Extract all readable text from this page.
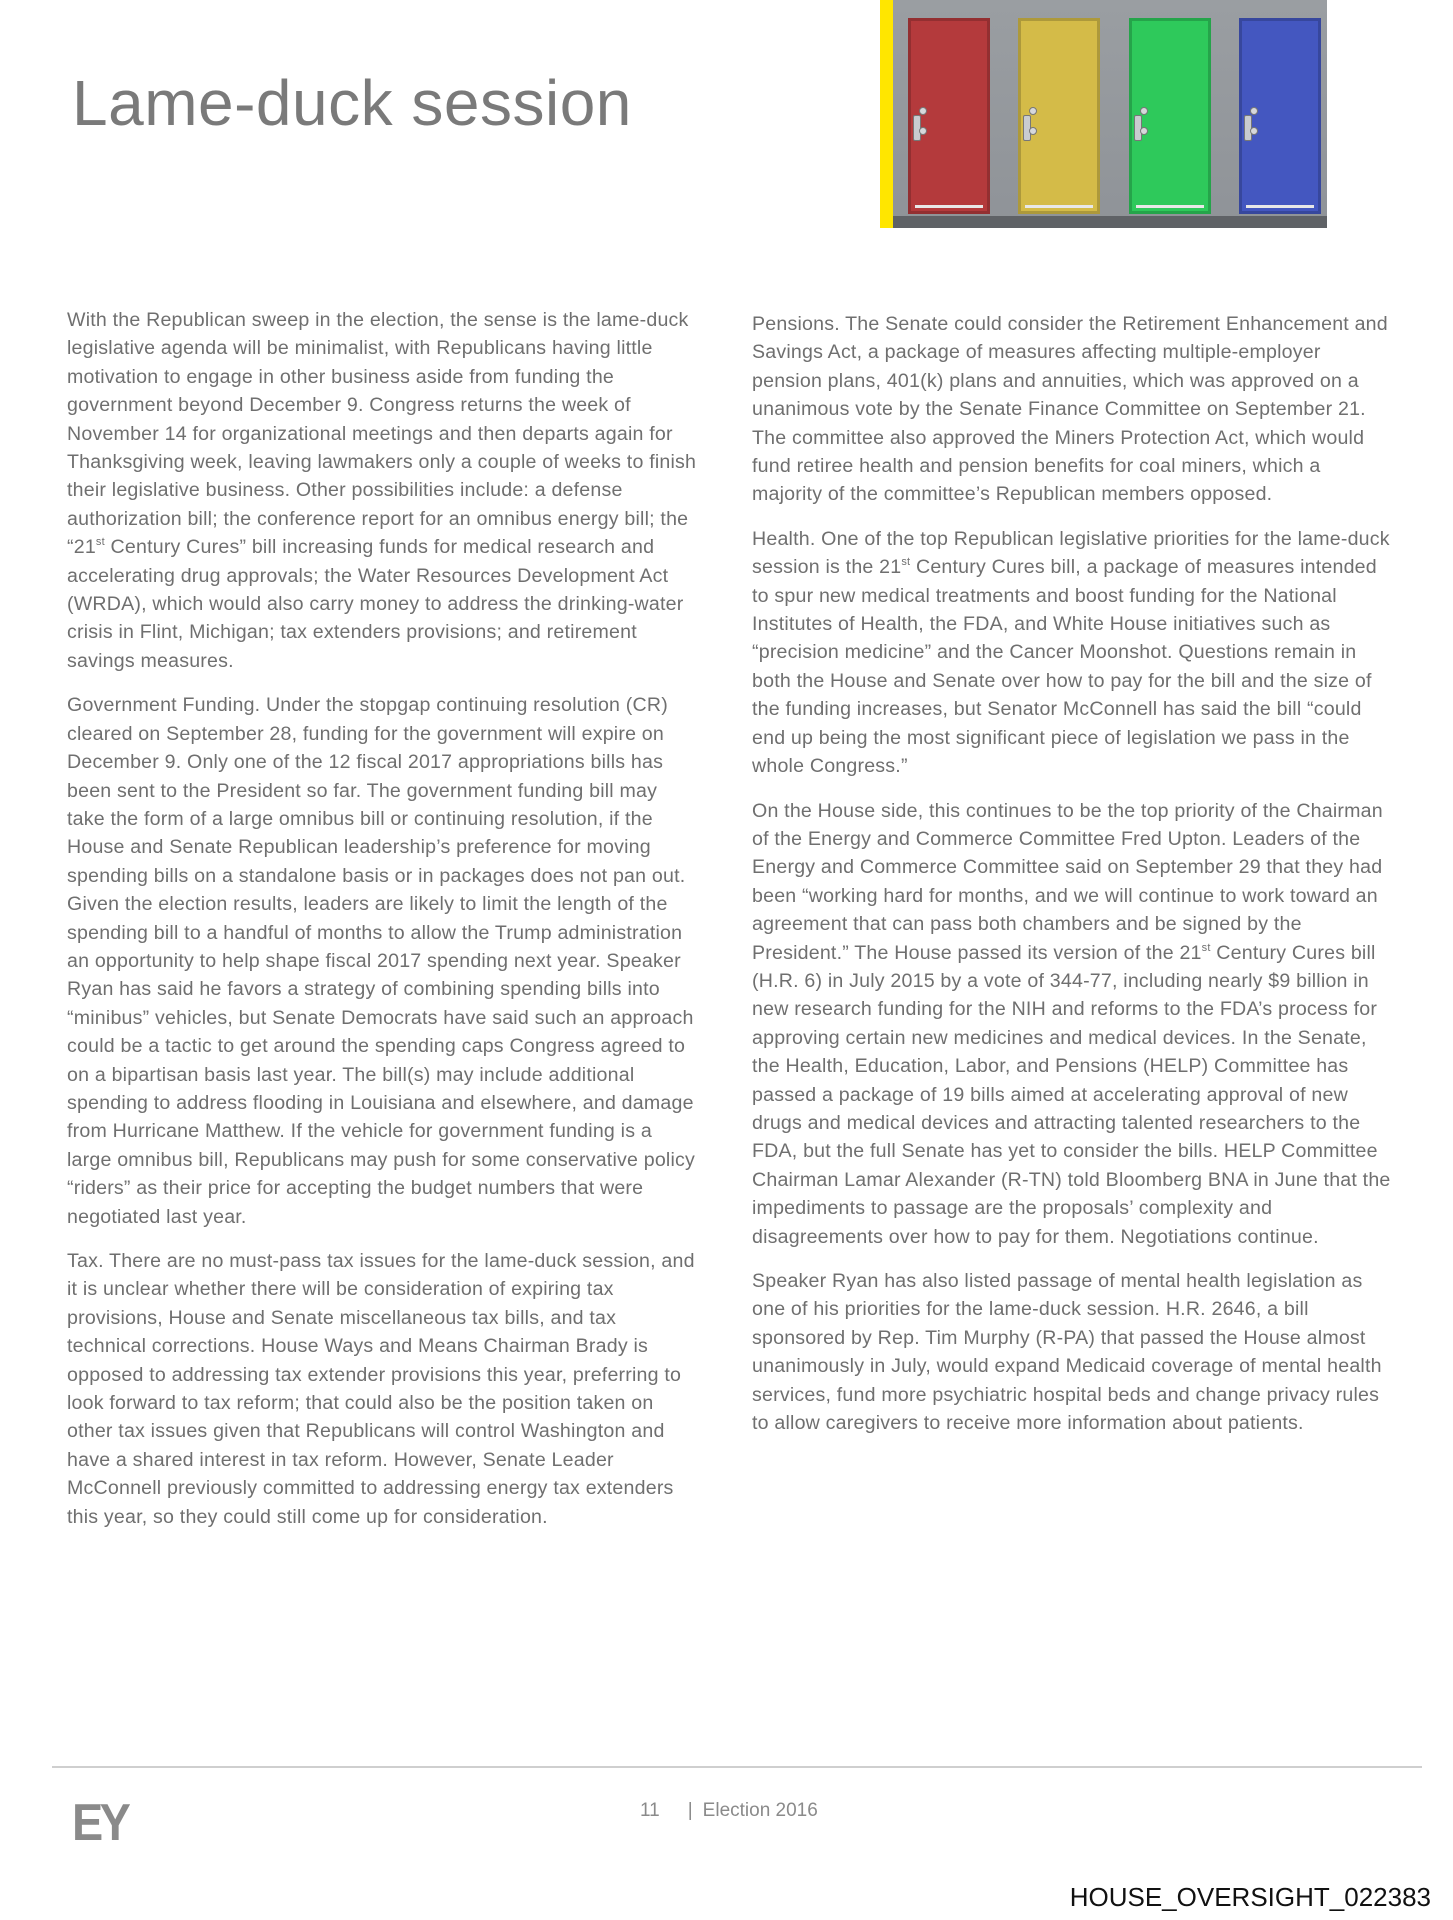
Lame-duck session

With the Republican sweep in the election, the sense is the lame-duck legislative agenda will be minimalist, with Republicans having little motivation to engage in other business aside from funding the government beyond December 9. Congress returns the week of November 14 for organizational meetings and then departs again for Thanksgiving week, leaving lawmakers only a couple of weeks to finish their legislative business. Other possibilities include: a defense authorization bill; the conference report for an omnibus energy bill; the “21st Century Cures” bill increasing funds for medical research and accelerating drug approvals; the Water Resources Development Act (WRDA), which would also carry money to address the drinking-water crisis in Flint, Michigan; tax extenders provisions; and retirement savings measures.

Government Funding. Under the stopgap continuing resolution (CR) cleared on September 28, funding for the government will expire on December 9. Only one of the 12 fiscal 2017 appropriations bills has been sent to the President so far. The government funding bill may take the form of a large omnibus bill or continuing resolution, if the House and Senate Republican leadership’s preference for moving spending bills on a standalone basis or in packages does not pan out. Given the election results, leaders are likely to limit the length of the spending bill to a handful of months to allow the Trump administration an opportunity to help shape fiscal 2017 spending next year. Speaker Ryan has said he favors a strategy of combining spending bills into “minibus” vehicles, but Senate Democrats have said such an approach could be a tactic to get around the spending caps Congress agreed to on a bipartisan basis last year. The bill(s) may include additional spending to address flooding in Louisiana and elsewhere, and damage from Hurricane Matthew. If the vehicle for government funding is a large omnibus bill, Republicans may push for some conservative policy “riders” as their price for accepting the budget numbers that were negotiated last year.

Tax. There are no must-pass tax issues for the lame-duck session, and it is unclear whether there will be consideration of expiring tax provisions, House and Senate miscellaneous tax bills, and tax technical corrections. House Ways and Means Chairman Brady is opposed to addressing tax extender provisions this year, preferring to look forward to tax reform; that could also be the position taken on other tax issues given that Republicans will control Washington and have a shared interest in tax reform. However, Senate Leader McConnell previously committed to addressing energy tax extenders this year, so they could still come up for consideration.

Pensions. The Senate could consider the Retirement Enhancement and Savings Act, a package of measures affecting multiple-employer pension plans, 401(k) plans and annuities, which was approved on a unanimous vote by the Senate Finance Committee on September 21. The committee also approved the Miners Protection Act, which would fund retiree health and pension benefits for coal miners, which a majority of the committee’s Republican members opposed.

Health. One of the top Republican legislative priorities for the lame-duck session is the 21st Century Cures bill, a package of measures intended to spur new medical treatments and boost funding for the National Institutes of Health, the FDA, and White House initiatives such as “precision medicine” and the Cancer Moonshot. Questions remain in both the House and Senate over how to pay for the bill and the size of the funding increases, but Senator McConnell has said the bill “could end up being the most significant piece of legislation we pass in the whole Congress.”

On the House side, this continues to be the top priority of the Chairman of the Energy and Commerce Committee Fred Upton. Leaders of the Energy and Commerce Committee said on September 29 that they had been “working hard for months, and we will continue to work toward an agreement that can pass both chambers and be signed by the President.” The House passed its version of the 21st Century Cures bill (H.R. 6) in July 2015 by a vote of 344-77, including nearly $9 billion in new research funding for the NIH and reforms to the FDA’s process for approving certain new medicines and medical devices. In the Senate, the Health, Education, Labor, and Pensions (HELP) Committee has passed a package of 19 bills aimed at accelerating approval of new drugs and medical devices and attracting talented researchers to the FDA, but the full Senate has yet to consider the bills. HELP Committee Chairman Lamar Alexander (R-TN) told Bloomberg BNA in June that the impediments to passage are the proposals’ complexity and disagreements over how to pay for them. Negotiations continue.

Speaker Ryan has also listed passage of mental health legislation as one of his priorities for the lame-duck session. H.R. 2646, a bill sponsored by Rep. Tim Murphy (R-PA) that passed the House almost unanimously in July, would expand Medicaid coverage of mental health services, fund more psychiatric hospital beds and change privacy rules to allow caregivers to receive more information about patients.

EY	11 | Election 2016
HOUSE_OVERSIGHT_022383
